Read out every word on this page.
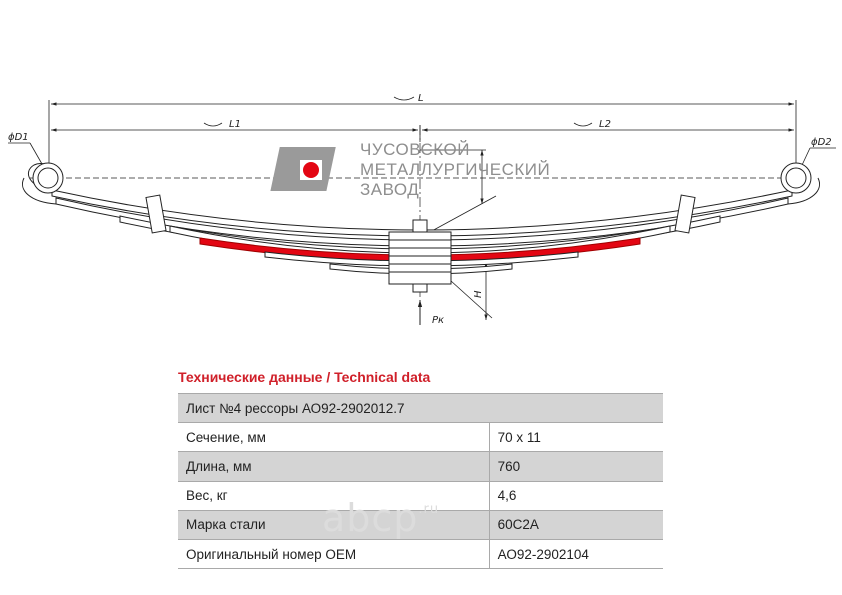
L
L1	L2
ϕD1	ϕD2
H
Pк
ЧУСОВСКОЙ
МЕТАЛЛУРГИЧЕСКИЙ
ЗАВОД
Технические данные / Technical data
Лист №4 рессоры АО92-2902012.7	
Сечение, мм	70 х 11
Длина, мм	760
Вес, кг	4,6
Марка стали	60С2А
Оригинальный номер OEM	АО92-2902104
abcp$^{.ru}$
